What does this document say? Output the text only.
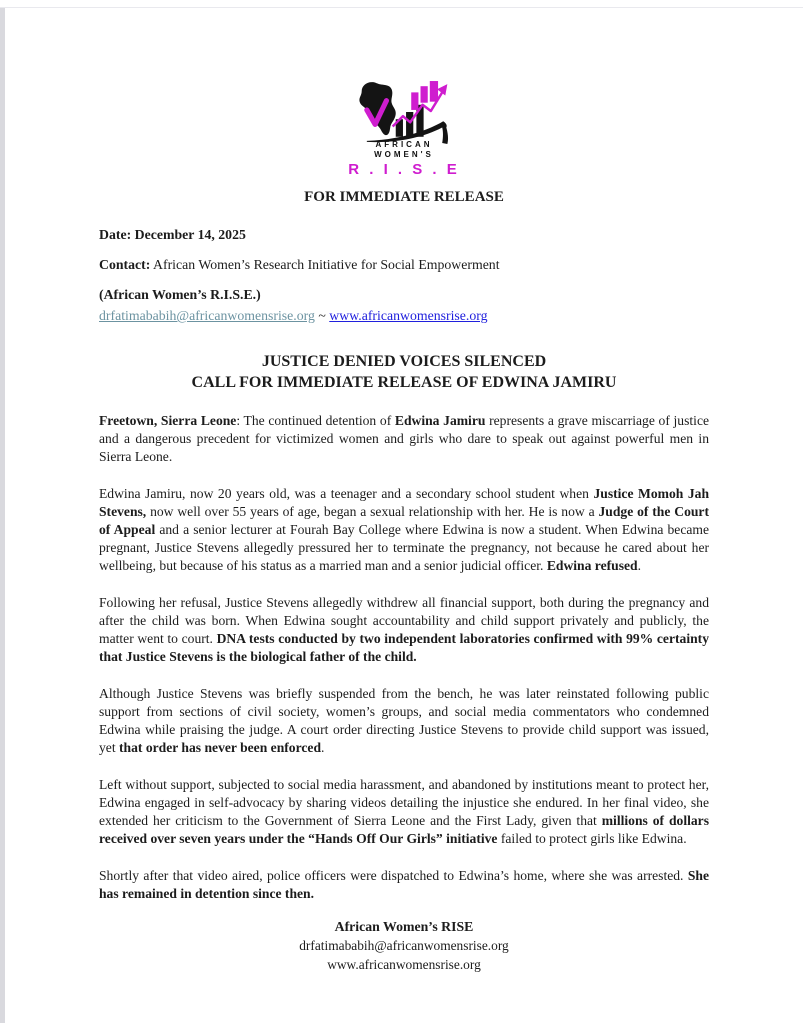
AFRICAN
WOMEN'S
R . I . S . E
FOR IMMEDIATE RELEASE
Date: December 14, 2025
Contact: African Women’s Research Initiative for Social Empowerment
(African Women’s R.I.S.E.)
drfatimababih@africanwomensrise.org ~ www.africanwomensrise.org
JUSTICE DENIED VOICES SILENCED
CALL FOR IMMEDIATE RELEASE OF EDWINA JAMIRU

Freetown, Sierra Leone: The continued detention of Edwina Jamiru represents a grave miscarriage of justice and a dangerous precedent for victimized women and girls who dare to speak out against powerful men in Sierra Leone.

Edwina Jamiru, now 20 years old, was a teenager and a secondary school student when Justice Momoh Jah Stevens, now well over 55 years of age, began a sexual relationship with her. He is now a Judge of the Court of Appeal and a senior lecturer at Fourah Bay College where Edwina is now a student. When Edwina became pregnant, Justice Stevens allegedly pressured her to terminate the pregnancy, not because he cared about her wellbeing, but because of his status as a married man and a senior judicial officer. Edwina refused.

Following her refusal, Justice Stevens allegedly withdrew all financial support, both during the pregnancy and after the child was born. When Edwina sought accountability and child support privately and publicly, the matter went to court. DNA tests conducted by two independent laboratories confirmed with 99% certainty that Justice Stevens is the biological father of the child.

Although Justice Stevens was briefly suspended from the bench, he was later reinstated following public support from sections of civil society, women’s groups, and social media commentators who condemned Edwina while praising the judge. A court order directing Justice Stevens to provide child support was issued, yet that order has never been enforced.

Left without support, subjected to social media harassment, and abandoned by institutions meant to protect her, Edwina engaged in self-advocacy by sharing videos detailing the injustice she endured. In her final video, she extended her criticism to the Government of Sierra Leone and the First Lady, given that millions of dollars received over seven years under the “Hands Off Our Girls” initiative failed to protect girls like Edwina.

Shortly after that video aired, police officers were dispatched to Edwina’s home, where she was arrested. She has remained in detention since then.

African Women’s RISE
drfatimababih@africanwomensrise.org
www.africanwomensrise.org
